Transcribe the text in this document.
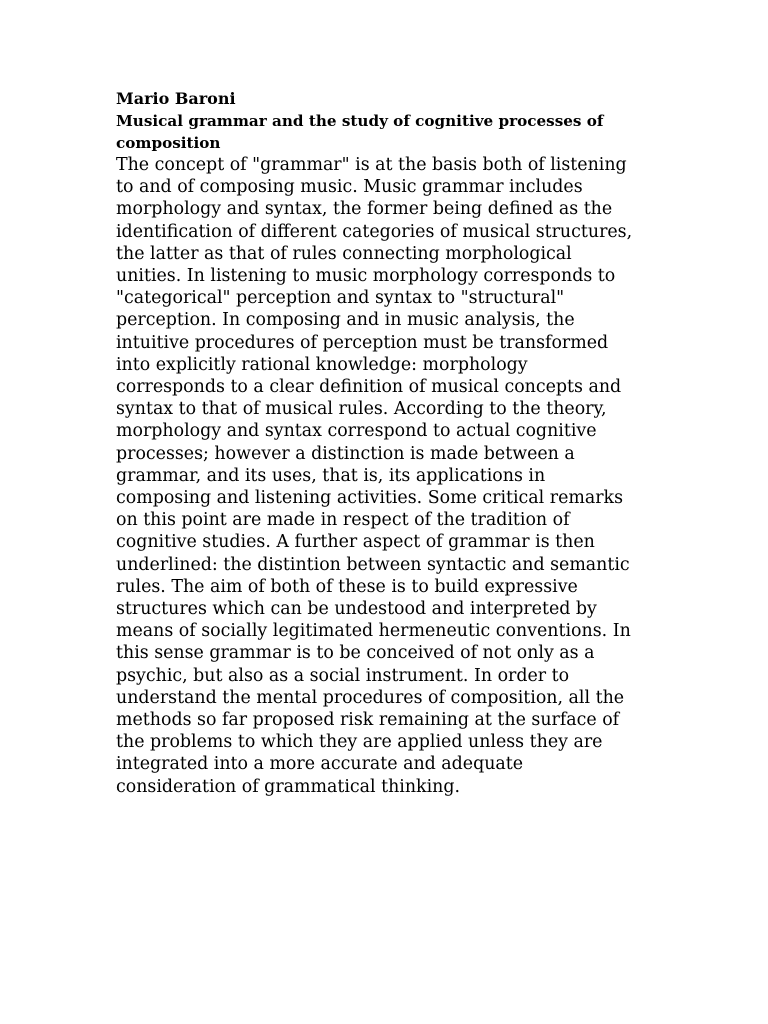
Mario Baroni

Musical grammar and the study of cognitive processes of
composition

The concept of "grammar" is at the basis both of listening
to and of composing music. Music grammar includes
morphology and syntax, the former being defined as the
identification of different categories of musical structures,
the latter as that of rules connecting morphological
unities. In listening to music morphology corresponds to
"categorical" perception and syntax to "structural"
perception. In composing and in music analysis, the
intuitive procedures of perception must be transformed
into explicitly rational knowledge: morphology
corresponds to a clear definition of musical concepts and
syntax to that of musical rules. According to the theory,
morphology and syntax correspond to actual cognitive
processes; however a distinction is made between a
grammar, and its uses, that is, its applications in
composing and listening activities. Some critical remarks
on this point are made in respect of the tradition of
cognitive studies. A further aspect of grammar is then
underlined: the distintion between syntactic and semantic
rules. The aim of both of these is to build expressive
structures which can be undestood and interpreted by
means of socially legitimated hermeneutic conventions. In
this sense grammar is to be conceived of not only as a
psychic, but also as a social instrument. In order to
understand the mental procedures of composition, all the
methods so far proposed risk remaining at the surface of
the problems to which they are applied unless they are
integrated into a more accurate and adequate
consideration of grammatical thinking.
